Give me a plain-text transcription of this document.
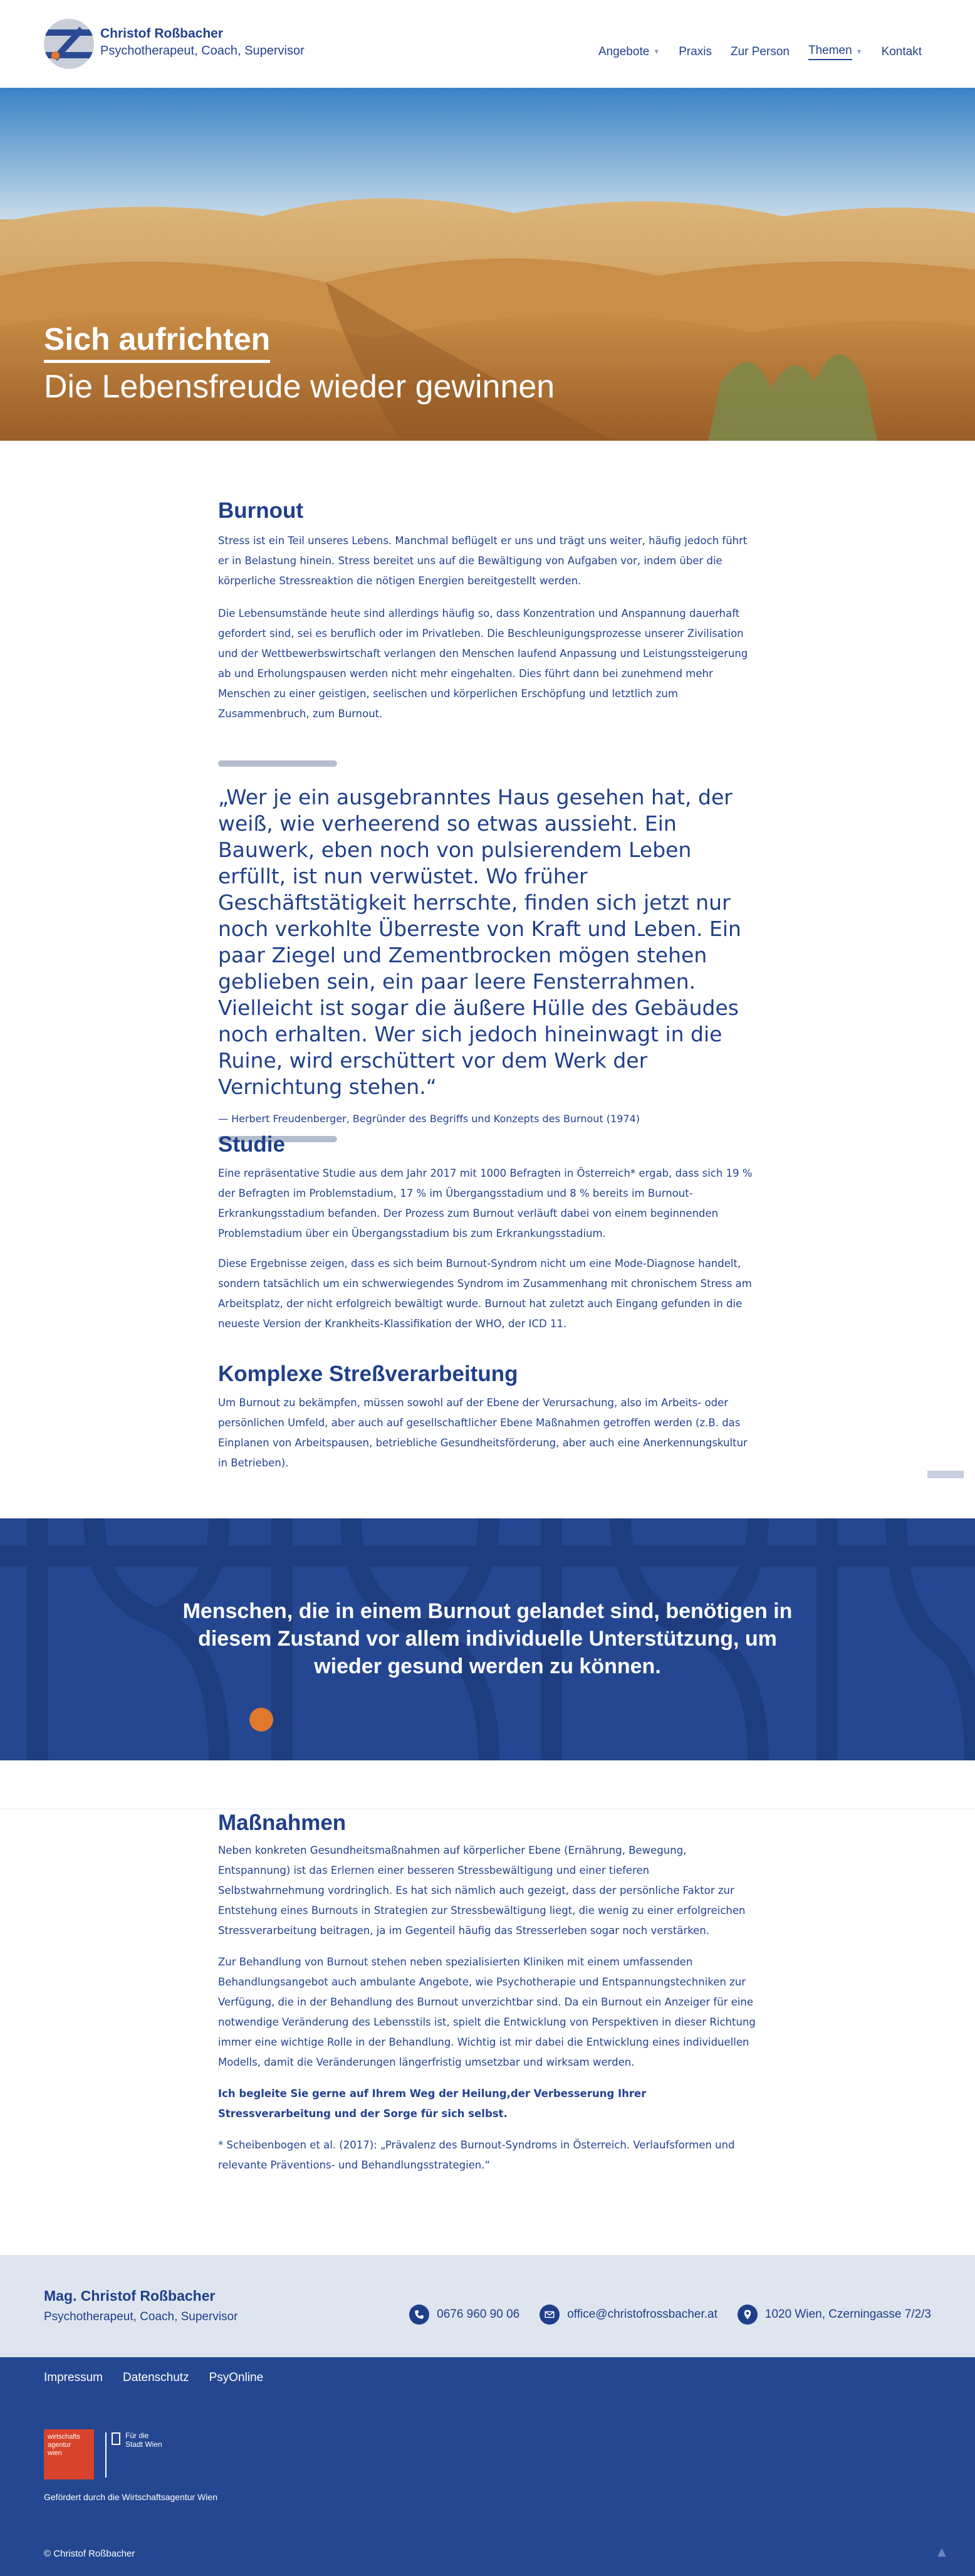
Christof Roßbacher
Psychotherapeut, Coach, Supervisor	Angebote ▼ Praxis Zur Person Themen ▼ Kontakt
Sich aufrichten
Die Lebensfreude wieder gewinnen
Burnout

Stress ist ein Teil unseres Lebens. Manchmal beflügelt er uns und trägt uns weiter, häufig jedoch führt er in Belastung hinein. Stress bereitet uns auf die Bewältigung von Aufgaben vor, indem über die körperliche Stressreaktion die nötigen Energien bereitgestellt werden.

Die Lebensumstände heute sind allerdings häufig so, dass Konzentration und Anspannung dauerhaft gefordert sind, sei es beruflich oder im Privatleben. Die Beschleunigungsprozesse unserer Zivilisation und der Wettbewerbswirtschaft verlangen den Menschen laufend Anpassung und Leistungssteigerung ab und Erholungspausen werden nicht mehr eingehalten. Dies führt dann bei zunehmend mehr Menschen zu einer geistigen, seelischen und körperlichen Erschöpfung und letztlich zum Zusammenbruch, zum Burnout.

„Wer je ein ausgebranntes Haus gesehen hat, der weiß, wie verheerend so etwas aussieht. Ein Bauwerk, eben noch von pulsierendem Leben erfüllt, ist nun verwüstet. Wo früher Geschäftstätigkeit herrschte, finden sich jetzt nur noch verkohlte Überreste von Kraft und Leben. Ein paar Ziegel und Zementbrocken mögen stehen geblieben sein, ein paar leere Fensterrahmen. Vielleicht ist sogar die äußere Hülle des Gebäudes noch erhalten. Wer sich jedoch hineinwagt in die Ruine, wird erschüttert vor dem Werk der Vernichtung stehen.“

— Herbert Freudenberger, Begründer des Begriffs und Konzepts des Burnout (1974)

Studie

Eine repräsentative Studie aus dem Jahr 2017 mit 1000 Befragten in Österreich* ergab, dass sich 19 % der Befragten im Problemstadium, 17 % im Übergangsstadium und 8 % bereits im Burnout-Erkrankungsstadium befanden. Der Prozess zum Burnout verläuft dabei von einem beginnenden Problemstadium über ein Übergangsstadium bis zum Erkrankungsstadium.

Diese Ergebnisse zeigen, dass es sich beim Burnout-Syndrom nicht um eine Mode-Diagnose handelt, sondern tatsächlich um ein schwerwiegendes Syndrom im Zusammenhang mit chronischem Stress am Arbeitsplatz, der nicht erfolgreich bewältigt wurde. Burnout hat zuletzt auch Eingang gefunden in die neueste Version der Krankheits-Klassifikation der WHO, der ICD 11.

Komplexe Streßverarbeitung

Um Burnout zu bekämpfen, müssen sowohl auf der Ebene der Verursachung, also im Arbeits- oder persönlichen Umfeld, aber auch auf gesellschaftlicher Ebene Maßnahmen getroffen werden (z.B. das Einplanen von Arbeitspausen, betriebliche Gesundheitsförderung, aber auch eine Anerkennungskultur in Betrieben).

Menschen, die in einem Burnout gelandet sind, benötigen in diesem Zustand vor allem individuelle Unterstützung, um wieder gesund werden zu können.
Maßnahmen

Neben konkreten Gesundheitsmaßnahmen auf körperlicher Ebene (Ernährung, Bewegung, Entspannung) ist das Erlernen einer besseren Stressbewältigung und einer tieferen Selbstwahrnehmung vordringlich. Es hat sich nämlich auch gezeigt, dass der persönliche Faktor zur Entstehung eines Burnouts in Strategien zur Stressbewältigung liegt, die wenig zu einer erfolgreichen Stressverarbeitung beitragen, ja im Gegenteil häufig das Stresserleben sogar noch verstärken.

Zur Behandlung von Burnout stehen neben spezialisierten Kliniken mit einem umfassenden Behandlungsangebot auch ambulante Angebote, wie Psychotherapie und Entspannungstechniken zur Verfügung, die in der Behandlung des Burnout unverzichtbar sind. Da ein Burnout ein Anzeiger für eine notwendige Veränderung des Lebensstils ist, spielt die Entwicklung von Perspektiven in dieser Richtung immer eine wichtige Rolle in der Behandlung. Wichtig ist mir dabei die Entwicklung eines individuellen Modells, damit die Veränderungen längerfristig umsetzbar und wirksam werden.

Ich begleite Sie gerne auf Ihrem Weg der Heilung,der Verbesserung Ihrer Stressverarbeitung und der Sorge für sich selbst.

* Scheibenbogen et al. (2017): „Prävalenz des Burnout-Syndroms in Österreich. Verlaufsformen und relevante Präventions- und Behandlungsstrategien.“

Mag. Christof Roßbacher
Psychotherapeut, Coach, Supervisor	0676 960 90 06	office@christofrossbacher.at	1020 Wien, Czerningasse 7/2/3
Impressum Datenschutz PsyOnline
wirtschafts
agentur
wien
Für die
Stadt Wien
Gefördert durch die Wirtschaftsagentur Wien
© Christof Roßbacher	▲
